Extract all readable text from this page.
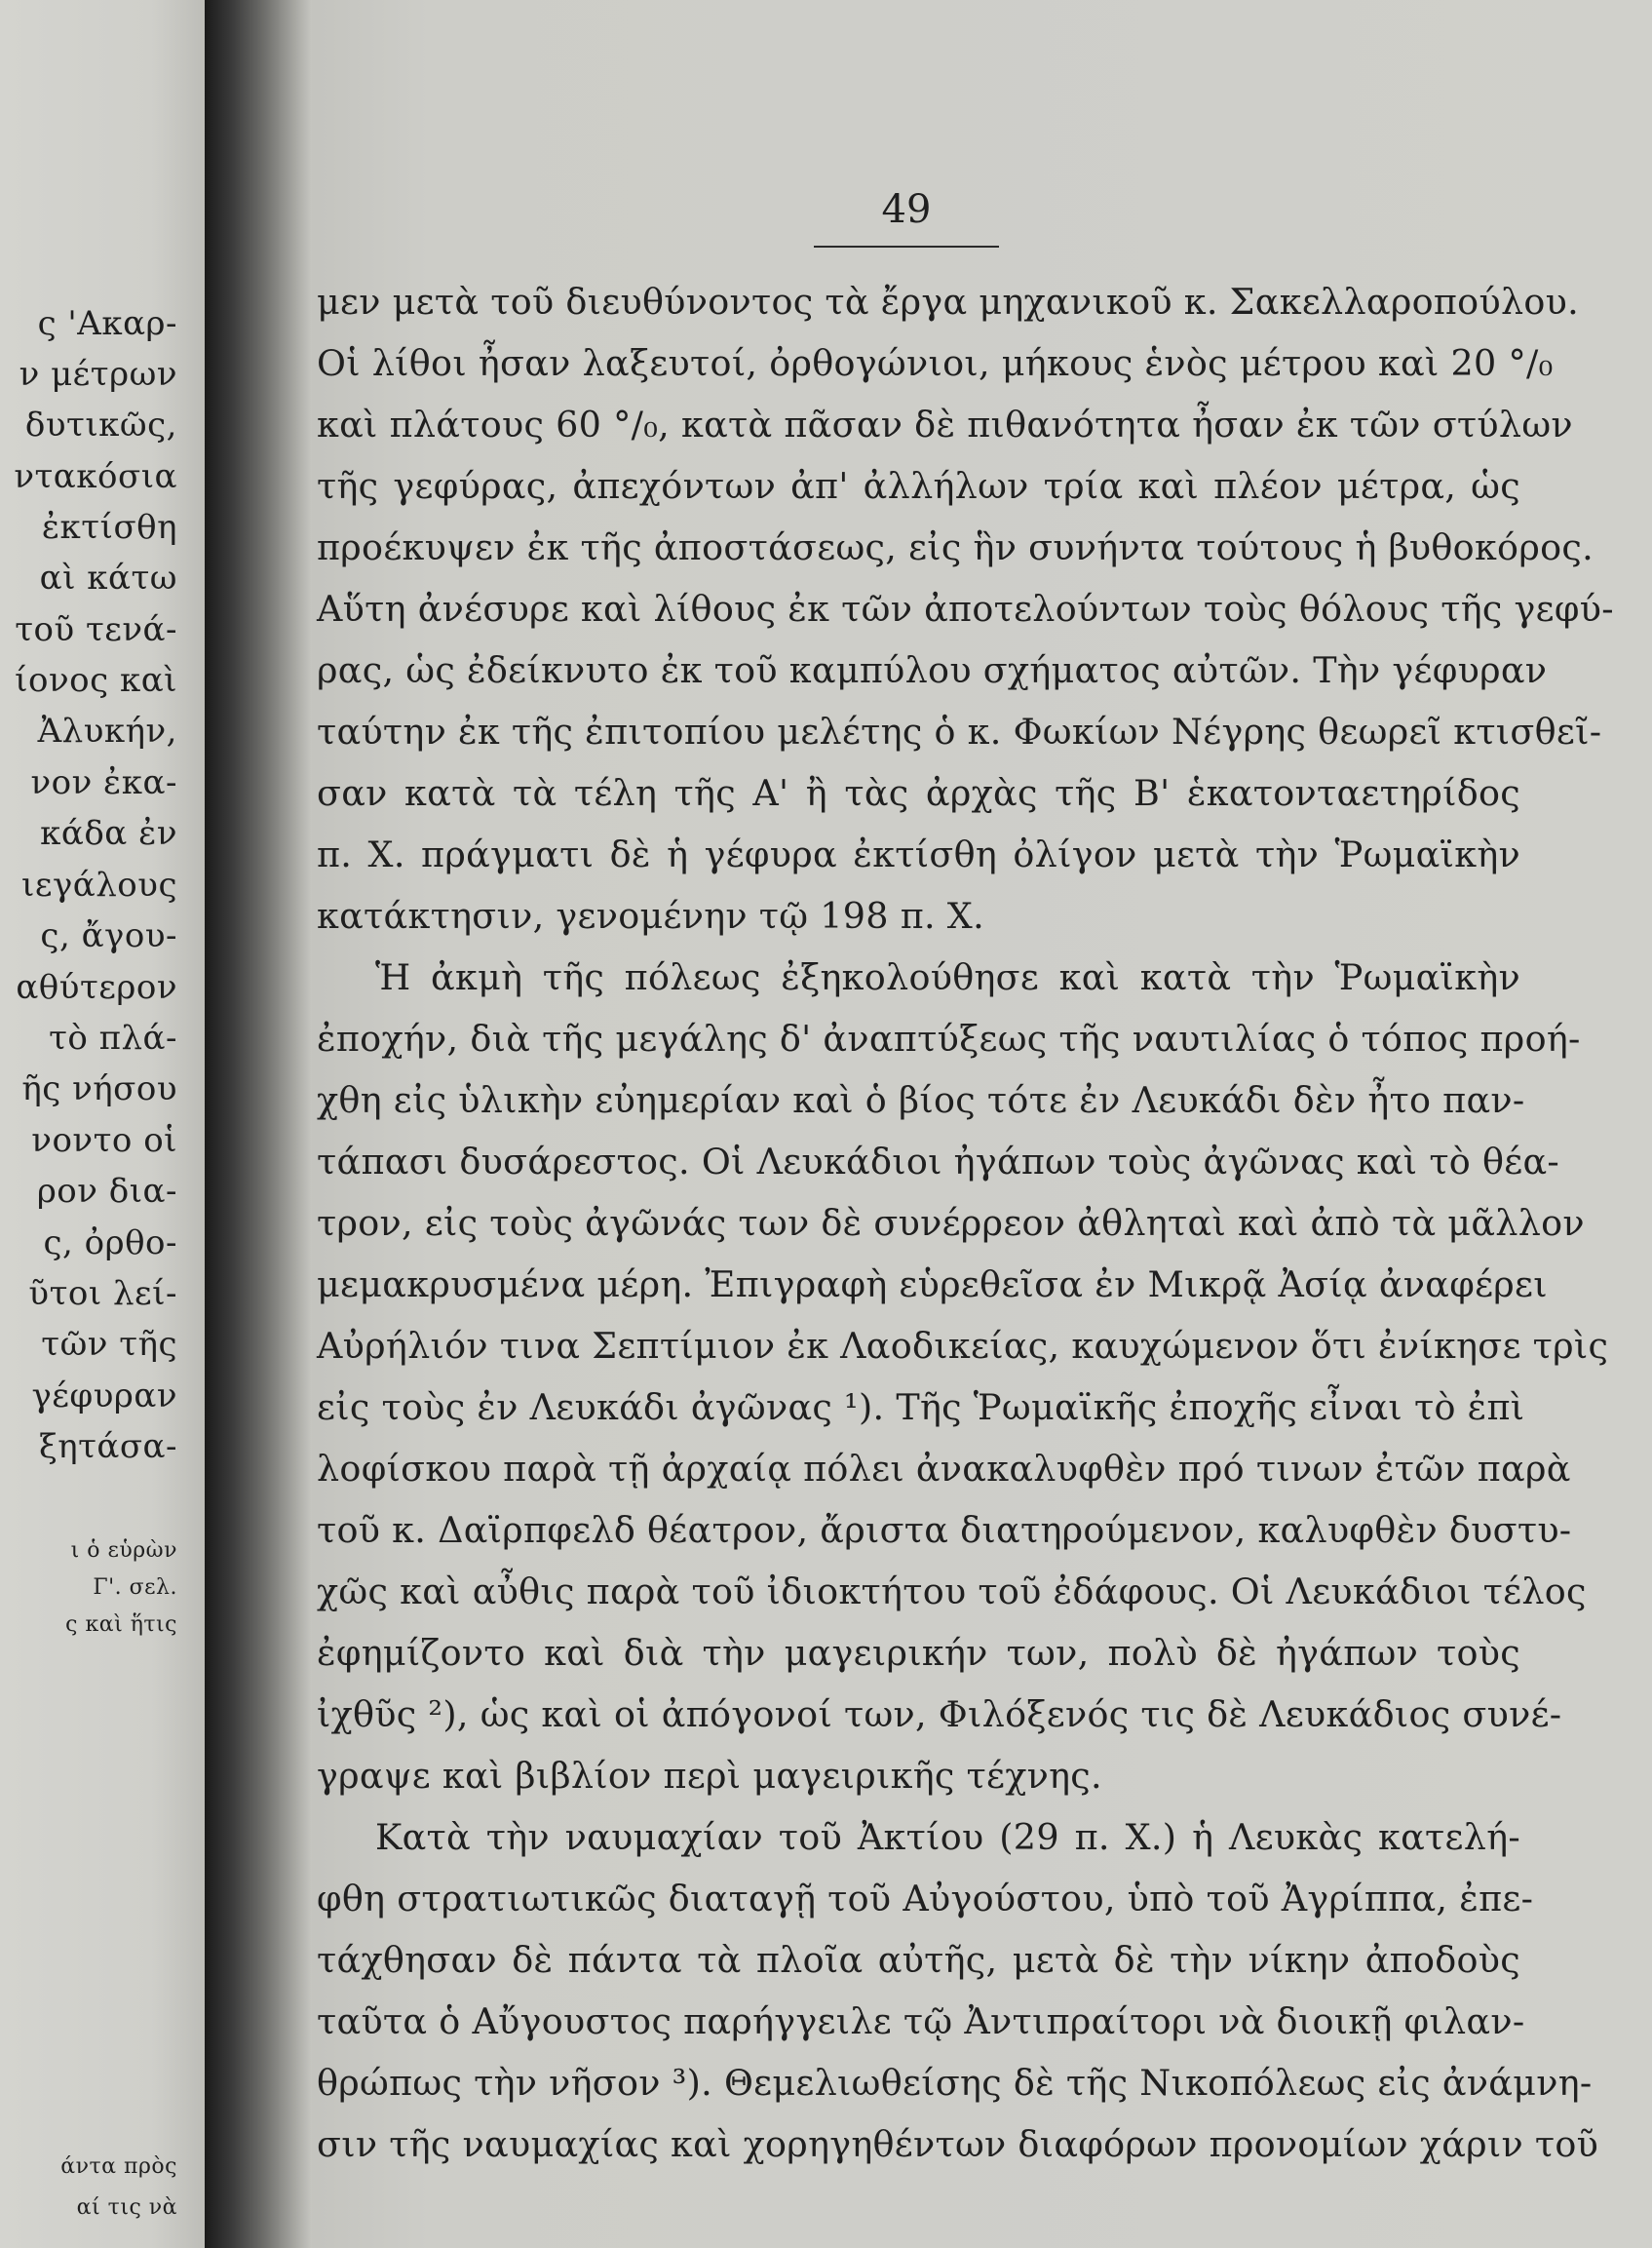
ς 'Ακαρ-
ν μέτρων
δυτικῶς,
ντακόσια
ἐκτίσθη
αὶ κάτω
τοῦ τενά-
ίονος καὶ
Ἀλυκήν,
νον ἐκα-
κάδα ἐν
ιεγάλους
ς, ἄγου-
αθύτερον
τὸ πλά-
ῆς νήσου
νοντο οἱ
ρον δια-
ς, ὀρθο-
ῦτοι λεί-
τῶν τῆς
γέφυραν
ξητάσα-
ι ὁ εὑρὼν
Γ'. σελ.
ς καὶ ἥτις
άντα πρὸς
αί τις νὰ
49
μεν μετὰ τοῦ διευθύνοντος τὰ ἔργα μηχανικοῦ κ. Σακελλαροπούλου.
Οἱ λίθοι ἦσαν λαξευτοί, ὀρθογώνιοι, μήκους ἑνὸς μέτρου καὶ 20 °/₀
καὶ πλάτους 60 °/₀, κατὰ πᾶσαν δὲ πιθανότητα ἦσαν ἐκ τῶν στύλων
τῆς γεφύρας, ἀπεχόντων ἀπ' ἀλλήλων τρία καὶ πλέον μέτρα, ὡς
προέκυψεν ἐκ τῆς ἀποστάσεως, εἰς ἣν συνήντα τούτους ἡ βυθοκόρος.
Αὕτη ἀνέσυρε καὶ λίθους ἐκ τῶν ἀποτελούντων τοὺς θόλους τῆς γεφύ-
ρας, ὡς ἐδείκνυτο ἐκ τοῦ καμπύλου σχήματος αὐτῶν. Τὴν γέφυραν
ταύτην ἐκ τῆς ἐπιτοπίου μελέτης ὁ κ. Φωκίων Νέγρης θεωρεῖ κτισθεῖ-
σαν κατὰ τὰ τέλη τῆς Α' ἢ τὰς ἀρχὰς τῆς Β' ἑκατονταετηρίδος
π. Χ. πράγματι δὲ ἡ γέφυρα ἐκτίσθη ὀλίγον μετὰ τὴν Ῥωμαϊκὴν
κατάκτησιν, γενομένην τῷ 198 π. Χ.
Ἡ ἀκμὴ τῆς πόλεως ἐξηκολούθησε καὶ κατὰ τὴν Ῥωμαϊκὴν
ἐποχήν, διὰ τῆς μεγάλης δ' ἀναπτύξεως τῆς ναυτιλίας ὁ τόπος προή-
χθη εἰς ὑλικὴν εὐημερίαν καὶ ὁ βίος τότε ἐν Λευκάδι δὲν ἦτο παν-
τάπασι δυσάρεστος. Οἱ Λευκάδιοι ἠγάπων τοὺς ἀγῶνας καὶ τὸ θέα-
τρον, εἰς τοὺς ἀγῶνάς των δὲ συνέρρεον ἀθληταὶ καὶ ἀπὸ τὰ μᾶλλον
μεμακρυσμένα μέρη. Ἐπιγραφὴ εὑρεθεῖσα ἐν Μικρᾷ Ἀσίᾳ ἀναφέρει
Αὐρήλιόν τινα Σεπτίμιον ἐκ Λαοδικείας, καυχώμενον ὅτι ἐνίκησε τρὶς
εἰς τοὺς ἐν Λευκάδι ἀγῶνας ¹). Τῆς Ῥωμαϊκῆς ἐποχῆς εἶναι τὸ ἐπὶ
λοφίσκου παρὰ τῇ ἀρχαίᾳ πόλει ἀνακαλυφθὲν πρό τινων ἐτῶν παρὰ
τοῦ κ. Δαϊρπφελδ θέατρον, ἄριστα διατηρούμενον, καλυφθὲν δυστυ-
χῶς καὶ αὖθις παρὰ τοῦ ἰδιοκτήτου τοῦ ἐδάφους. Οἱ Λευκάδιοι τέλος
ἐφημίζοντο καὶ διὰ τὴν μαγειρικήν των, πολὺ δὲ ἠγάπων τοὺς
ἰχθῦς ²), ὡς καὶ οἱ ἀπόγονοί των, Φιλόξενός τις δὲ Λευκάδιος συνέ-
γραψε καὶ βιβλίον περὶ μαγειρικῆς τέχνης.
Κατὰ τὴν ναυμαχίαν τοῦ Ἀκτίου (29 π. Χ.) ἡ Λευκὰς κατελή-
φθη στρατιωτικῶς διαταγῇ τοῦ Αὐγούστου, ὑπὸ τοῦ Ἀγρίππα, ἐπε-
τάχθησαν δὲ πάντα τὰ πλοῖα αὐτῆς, μετὰ δὲ τὴν νίκην ἀποδοὺς
ταῦτα ὁ Αὔγουστος παρήγγειλε τῷ Ἀντιπραίτορι νὰ διοικῇ φιλαν-
θρώπως τὴν νῆσον ³). Θεμελιωθείσης δὲ τῆς Νικοπόλεως εἰς ἀνάμνη-
σιν τῆς ναυμαχίας καὶ χορηγηθέντων διαφόρων προνομίων χάριν τοῦ
